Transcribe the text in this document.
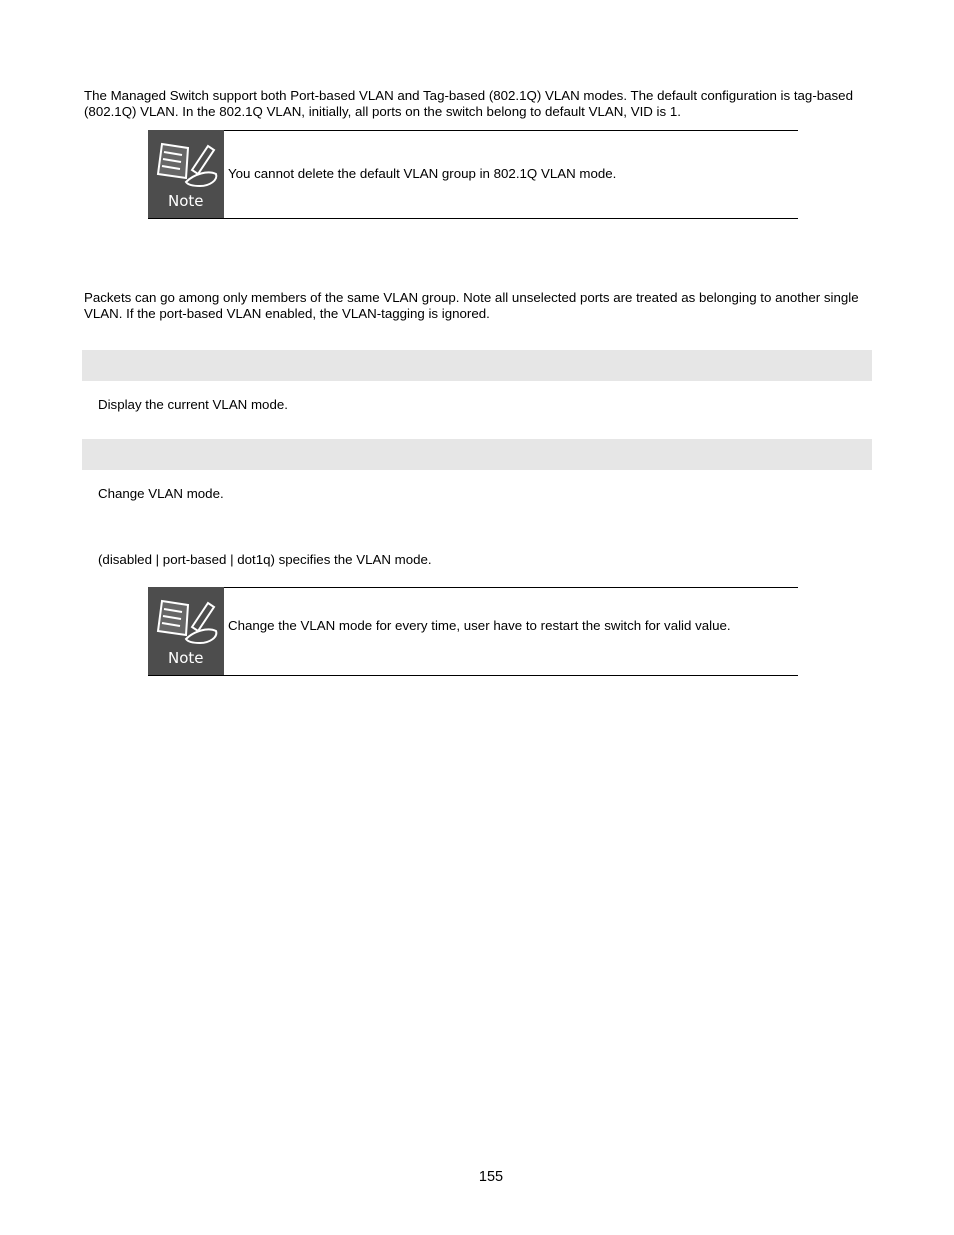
The Managed Switch support both Port-based VLAN and Tag-based (802.1Q) VLAN modes. The default configuration is tag-based (802.1Q) VLAN. In the 802.1Q VLAN, initially, all ports on the switch belong to default VLAN, VID is 1.

Note
You cannot delete the default VLAN group in 802.1Q VLAN mode.

Packets can go among only members of the same VLAN group. Note all unselected ports are treated as belonging to another single VLAN. If the port-based VLAN enabled, the VLAN-tagging is ignored.

Display the current VLAN mode.

Change VLAN mode.

(disabled | port-based | dot1q) specifies the VLAN mode.

Note
Change the VLAN mode for every time, user have to restart the switch for valid value.
155
